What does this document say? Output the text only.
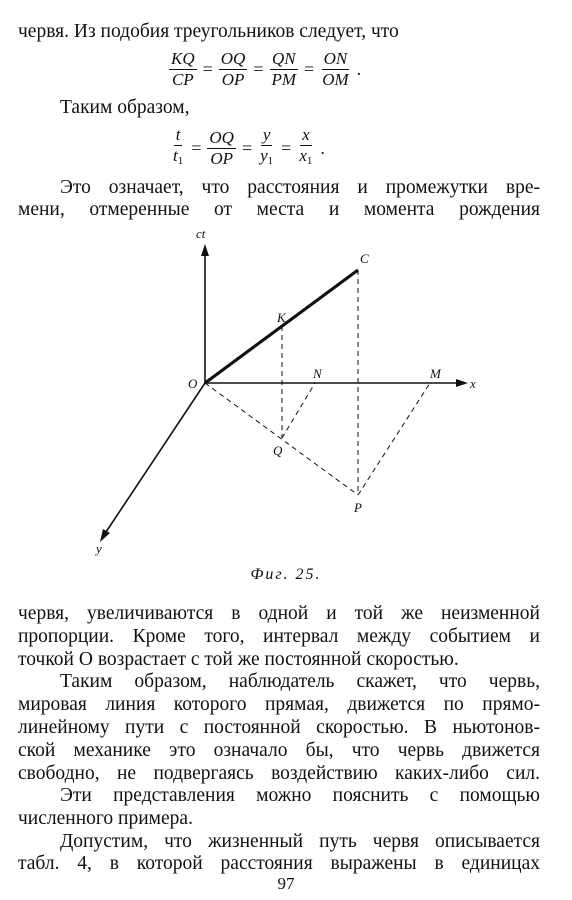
червя. Из подобия треугольников следует, что
$\frac{KQ}{CP} = \frac{OQ}{OP} = \frac{QN}{PM} = \frac{ON}{OM}$ .
Таким образом,
$\frac{t}{t_1} = \frac{OQ}{OP} = \frac{y}{y_1} = \frac{x}{x_1}$ .
Это означает, что расстояния и промежутки вре-
мени, отмеренные от места и момента рождения
ct
C
K
O
N	M
x
Q
P
y
Фиг. 25.
червя, увеличиваются в одной и той же неизменной
пропорции. Кроме того, интервал между событием и
точкой O возрастает с той же постоянной скоростью.
Таким образом, наблюдатель скажет, что червь,
мировая линия которого прямая, движется по прямо-
линейному пути с постоянной скоростью. В ньютонов-
ской механике это означало бы, что червь движется
свободно, не подвергаясь воздействию каких-либо сил.
Эти представления можно пояснить с помощью
численного примера.
Допустим, что жизненный путь червя описывается
табл. 4, в которой расстояния выражены в единицах
97
